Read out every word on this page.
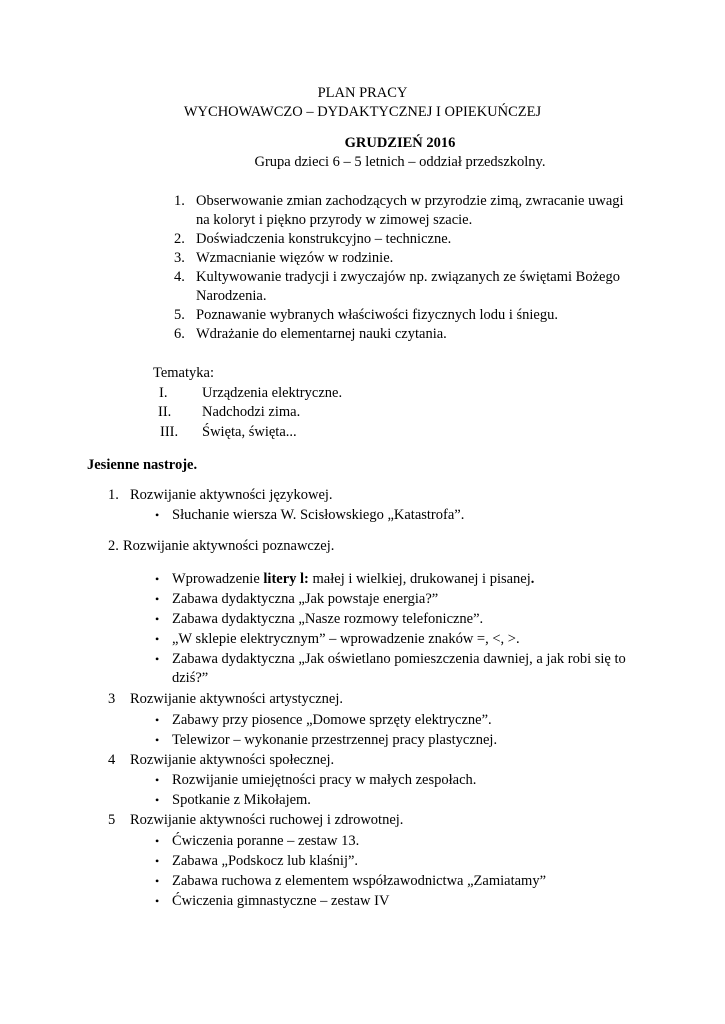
PLAN PRACY
WYCHOWAWCZO – DYDAKTYCZNEJ I OPIEKUŃCZEJ
GRUDZIEŃ 2016
Grupa dzieci 6 – 5 letnich – oddział przedszkolny.
1. Obserwowanie zmian zachodzących w przyrodzie zimą, zwracanie uwagi
na koloryt i piękno przyrody w zimowej szacie.
2. Doświadczenia konstrukcyjno – techniczne.
3. Wzmacnianie więzów w rodzinie.
4. Kultywowanie tradycji i zwyczajów np. związanych ze świętami Bożego
Narodzenia.
5. Poznawanie wybranych właściwości fizycznych lodu i śniegu.
6. Wdrażanie do elementarnej nauki czytania.
Tematyka:
I. Urządzenia elektryczne.
II. Nadchodzi zima.
III. Święta, święta...
Jesienne nastroje.
1. Rozwijanie aktywności językowej.
• Słuchanie wiersza W. Scisłowskiego „Katastrofa”.
2. Rozwijanie aktywności poznawczej.
• Wprowadzenie litery l: małej i wielkiej, drukowanej i pisanej.
• Zabawa dydaktyczna „Jak powstaje energia?”
• Zabawa dydaktyczna „Nasze rozmowy telefoniczne”.
• „W sklepie elektrycznym” – wprowadzenie znaków =, <, >.
• Zabawa dydaktyczna „Jak oświetlano pomieszczenia dawniej, a jak robi się to
dziś?”
3 Rozwijanie aktywności artystycznej.
• Zabawy przy piosence „Domowe sprzęty elektryczne”.
• Telewizor – wykonanie przestrzennej pracy plastycznej.
4 Rozwijanie aktywności społecznej.
• Rozwijanie umiejętności pracy w małych zespołach.
• Spotkanie z Mikołajem.
5 Rozwijanie aktywności ruchowej i zdrowotnej.
• Ćwiczenia poranne – zestaw 13.
• Zabawa „Podskocz lub klaśnij”.
• Zabawa ruchowa z elementem współzawodnictwa „Zamiatamy”
• Ćwiczenia gimnastyczne – zestaw IV
